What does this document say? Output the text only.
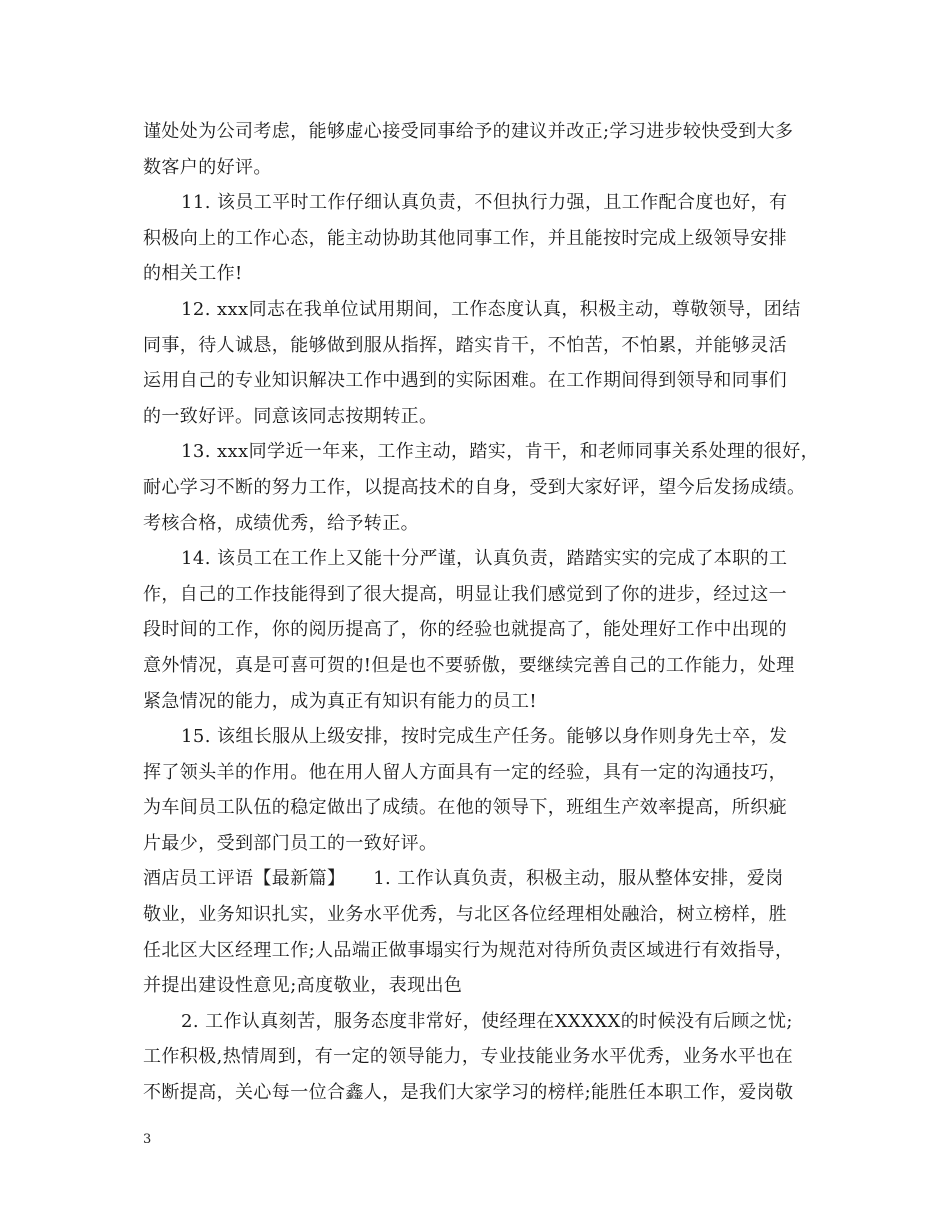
谨处处为公司考虑，能够虚心接受同事给予的建议并改正;学习进步较快受到大多
数客户的好评。
11. 该员工平时工作仔细认真负责，不但执行力强，且工作配合度也好，有
积极向上的工作心态，能主动协助其他同事工作，并且能按时完成上级领导安排
的相关工作!
12. xxx同志在我单位试用期间，工作态度认真，积极主动，尊敬领导，团结
同事，待人诚恳，能够做到服从指挥，踏实肯干，不怕苦，不怕累，并能够灵活
运用自己的专业知识解决工作中遇到的实际困难。在工作期间得到领导和同事们
的一致好评。同意该同志按期转正。
13. xxx同学近一年来，工作主动，踏实，肯干，和老师同事关系处理的很好，
耐心学习不断的努力工作，以提高技术的自身，受到大家好评，望今后发扬成绩。
考核合格，成绩优秀，给予转正。
14. 该员工在工作上又能十分严谨，认真负责，踏踏实实的完成了本职的工
作，自己的工作技能得到了很大提高，明显让我们感觉到了你的进步，经过这一
段时间的工作，你的阅历提高了，你的经验也就提高了，能处理好工作中出现的
意外情况，真是可喜可贺的!但是也不要骄傲，要继续完善自己的工作能力，处理
紧急情况的能力，成为真正有知识有能力的员工!
15. 该组长服从上级安排，按时完成生产任务。能够以身作则身先士卒，发
挥了领头羊的作用。他在用人留人方面具有一定的经验，具有一定的沟通技巧，
为车间员工队伍的稳定做出了成绩。在他的领导下，班组生产效率提高，所织疵
片最少，受到部门员工的一致好评。
酒店员工评语【最新篇】　　1. 工作认真负责，积极主动，服从整体安排，爱岗
敬业，业务知识扎实，业务水平优秀，与北区各位经理相处融洽，树立榜样，胜
任北区大区经理工作;人品端正做事塌实行为规范对待所负责区域进行有效指导，
并提出建设性意见;高度敬业，表现出色
2. 工作认真刻苦，服务态度非常好，使经理在XXXXX的时候没有后顾之忧;
工作积极,热情周到，有一定的领导能力，专业技能业务水平优秀，业务水平也在
不断提高，关心每一位合鑫人，是我们大家学习的榜样;能胜任本职工作，爱岗敬
3
